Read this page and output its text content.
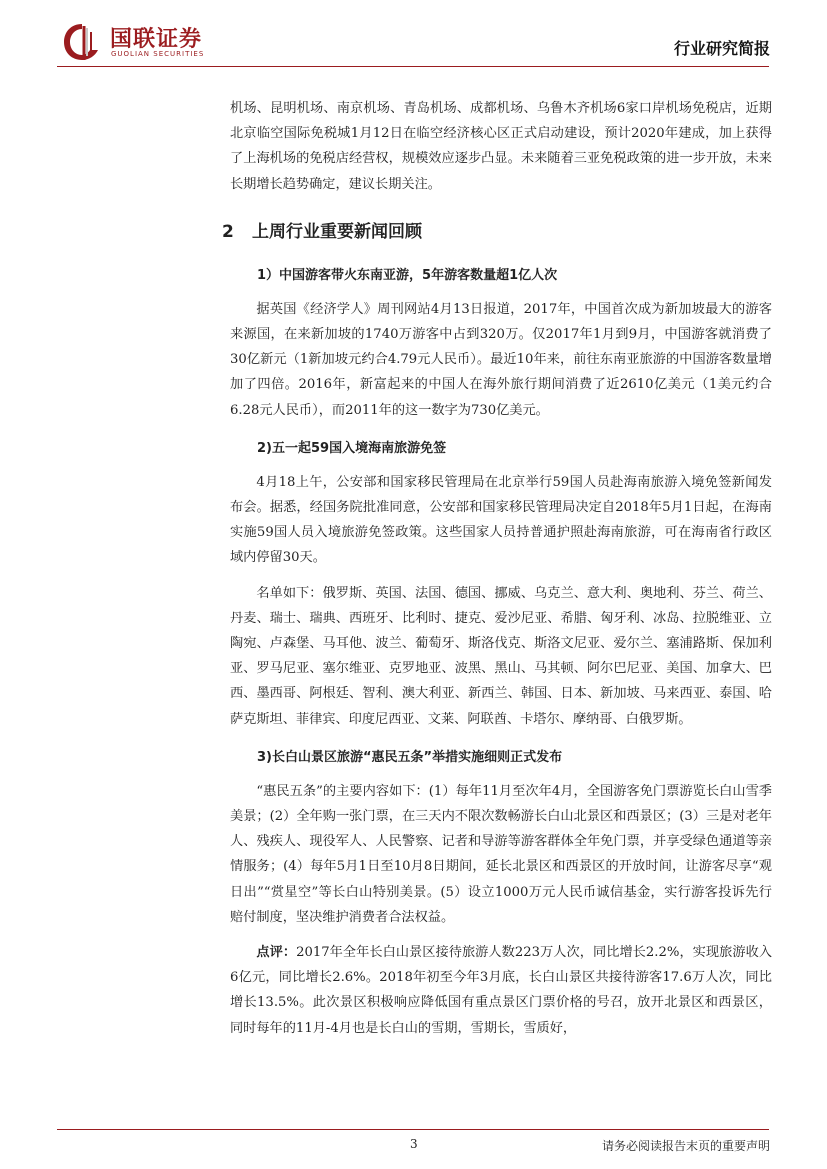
国联证券
GUOLIAN SECURITIES	行业研究简报

机场、昆明机场、南京机场、青岛机场、成都机场、乌鲁木齐机场6家口岸机场免税店，近期北京临空国际免税城1月12日在临空经济核心区正式启动建设，预计2020年建成，加上获得了上海机场的免税店经营权，规模效应逐步凸显。未来随着三亚免税政策的进一步开放，未来长期增长趋势确定，建议长期关注。

2 上周行业重要新闻回顾
1）中国游客带火东南亚游，5年游客数量超1亿人次

据英国《经济学人》周刊网站4月13日报道，2017年，中国首次成为新加坡最大的游客来源国，在来新加坡的1740万游客中占到320万。仅2017年1月到9月，中国游客就消费了30亿新元（1新加坡元约合4.79元人民币）。最近10年来，前往东南亚旅游的中国游客数量增加了四倍。2016年，新富起来的中国人在海外旅行期间消费了近2610亿美元（1美元约合6.28元人民币），而2011年的这一数字为730亿美元。

2)五一起59国入境海南旅游免签

4月18上午，公安部和国家移民管理局在北京举行59国人员赴海南旅游入境免签新闻发布会。据悉，经国务院批准同意，公安部和国家移民管理局决定自2018年5月1日起，在海南实施59国人员入境旅游免签政策。这些国家人员持普通护照赴海南旅游，可在海南省行政区域内停留30天。

名单如下：俄罗斯、英国、法国、德国、挪威、乌克兰、意大利、奥地利、芬兰、荷兰、丹麦、瑞士、瑞典、西班牙、比利时、捷克、爱沙尼亚、希腊、匈牙利、冰岛、拉脱维亚、立陶宛、卢森堡、马耳他、波兰、葡萄牙、斯洛伐克、斯洛文尼亚、爱尔兰、塞浦路斯、保加利亚、罗马尼亚、塞尔维亚、克罗地亚、波黑、黑山、马其顿、阿尔巴尼亚、美国、加拿大、巴西、墨西哥、阿根廷、智利、澳大利亚、新西兰、韩国、日本、新加坡、马来西亚、泰国、哈萨克斯坦、菲律宾、印度尼西亚、文莱、阿联酋、卡塔尔、摩纳哥、白俄罗斯。

3)长白山景区旅游“惠民五条”举措实施细则正式发布

“惠民五条”的主要内容如下：(1）每年11月至次年4月，全国游客免门票游览长白山雪季美景；(2）全年购一张门票，在三天内不限次数畅游长白山北景区和西景区；(3）三是对老年人、残疾人、现役军人、人民警察、记者和导游等游客群体全年免门票，并享受绿色通道等亲情服务；(4）每年5月1日至10月8日期间，延长北景区和西景区的开放时间，让游客尽享“观日出”“赏星空”等长白山特别美景。(5）设立1000万元人民币诚信基金，实行游客投诉先行赔付制度，坚决维护消费者合法权益。

点评：2017年全年长白山景区接待旅游人数223万人次，同比增长2.2%，实现旅游收入6亿元，同比增长2.6%。2018年初至今年3月底，长白山景区共接待游客17.6万人次，同比增长13.5%。此次景区积极响应降低国有重点景区门票价格的号召，放开北景区和西景区，同时每年的11月-4月也是长白山的雪期，雪期长，雪质好，

3	请务必阅读报告末页的重要声明
